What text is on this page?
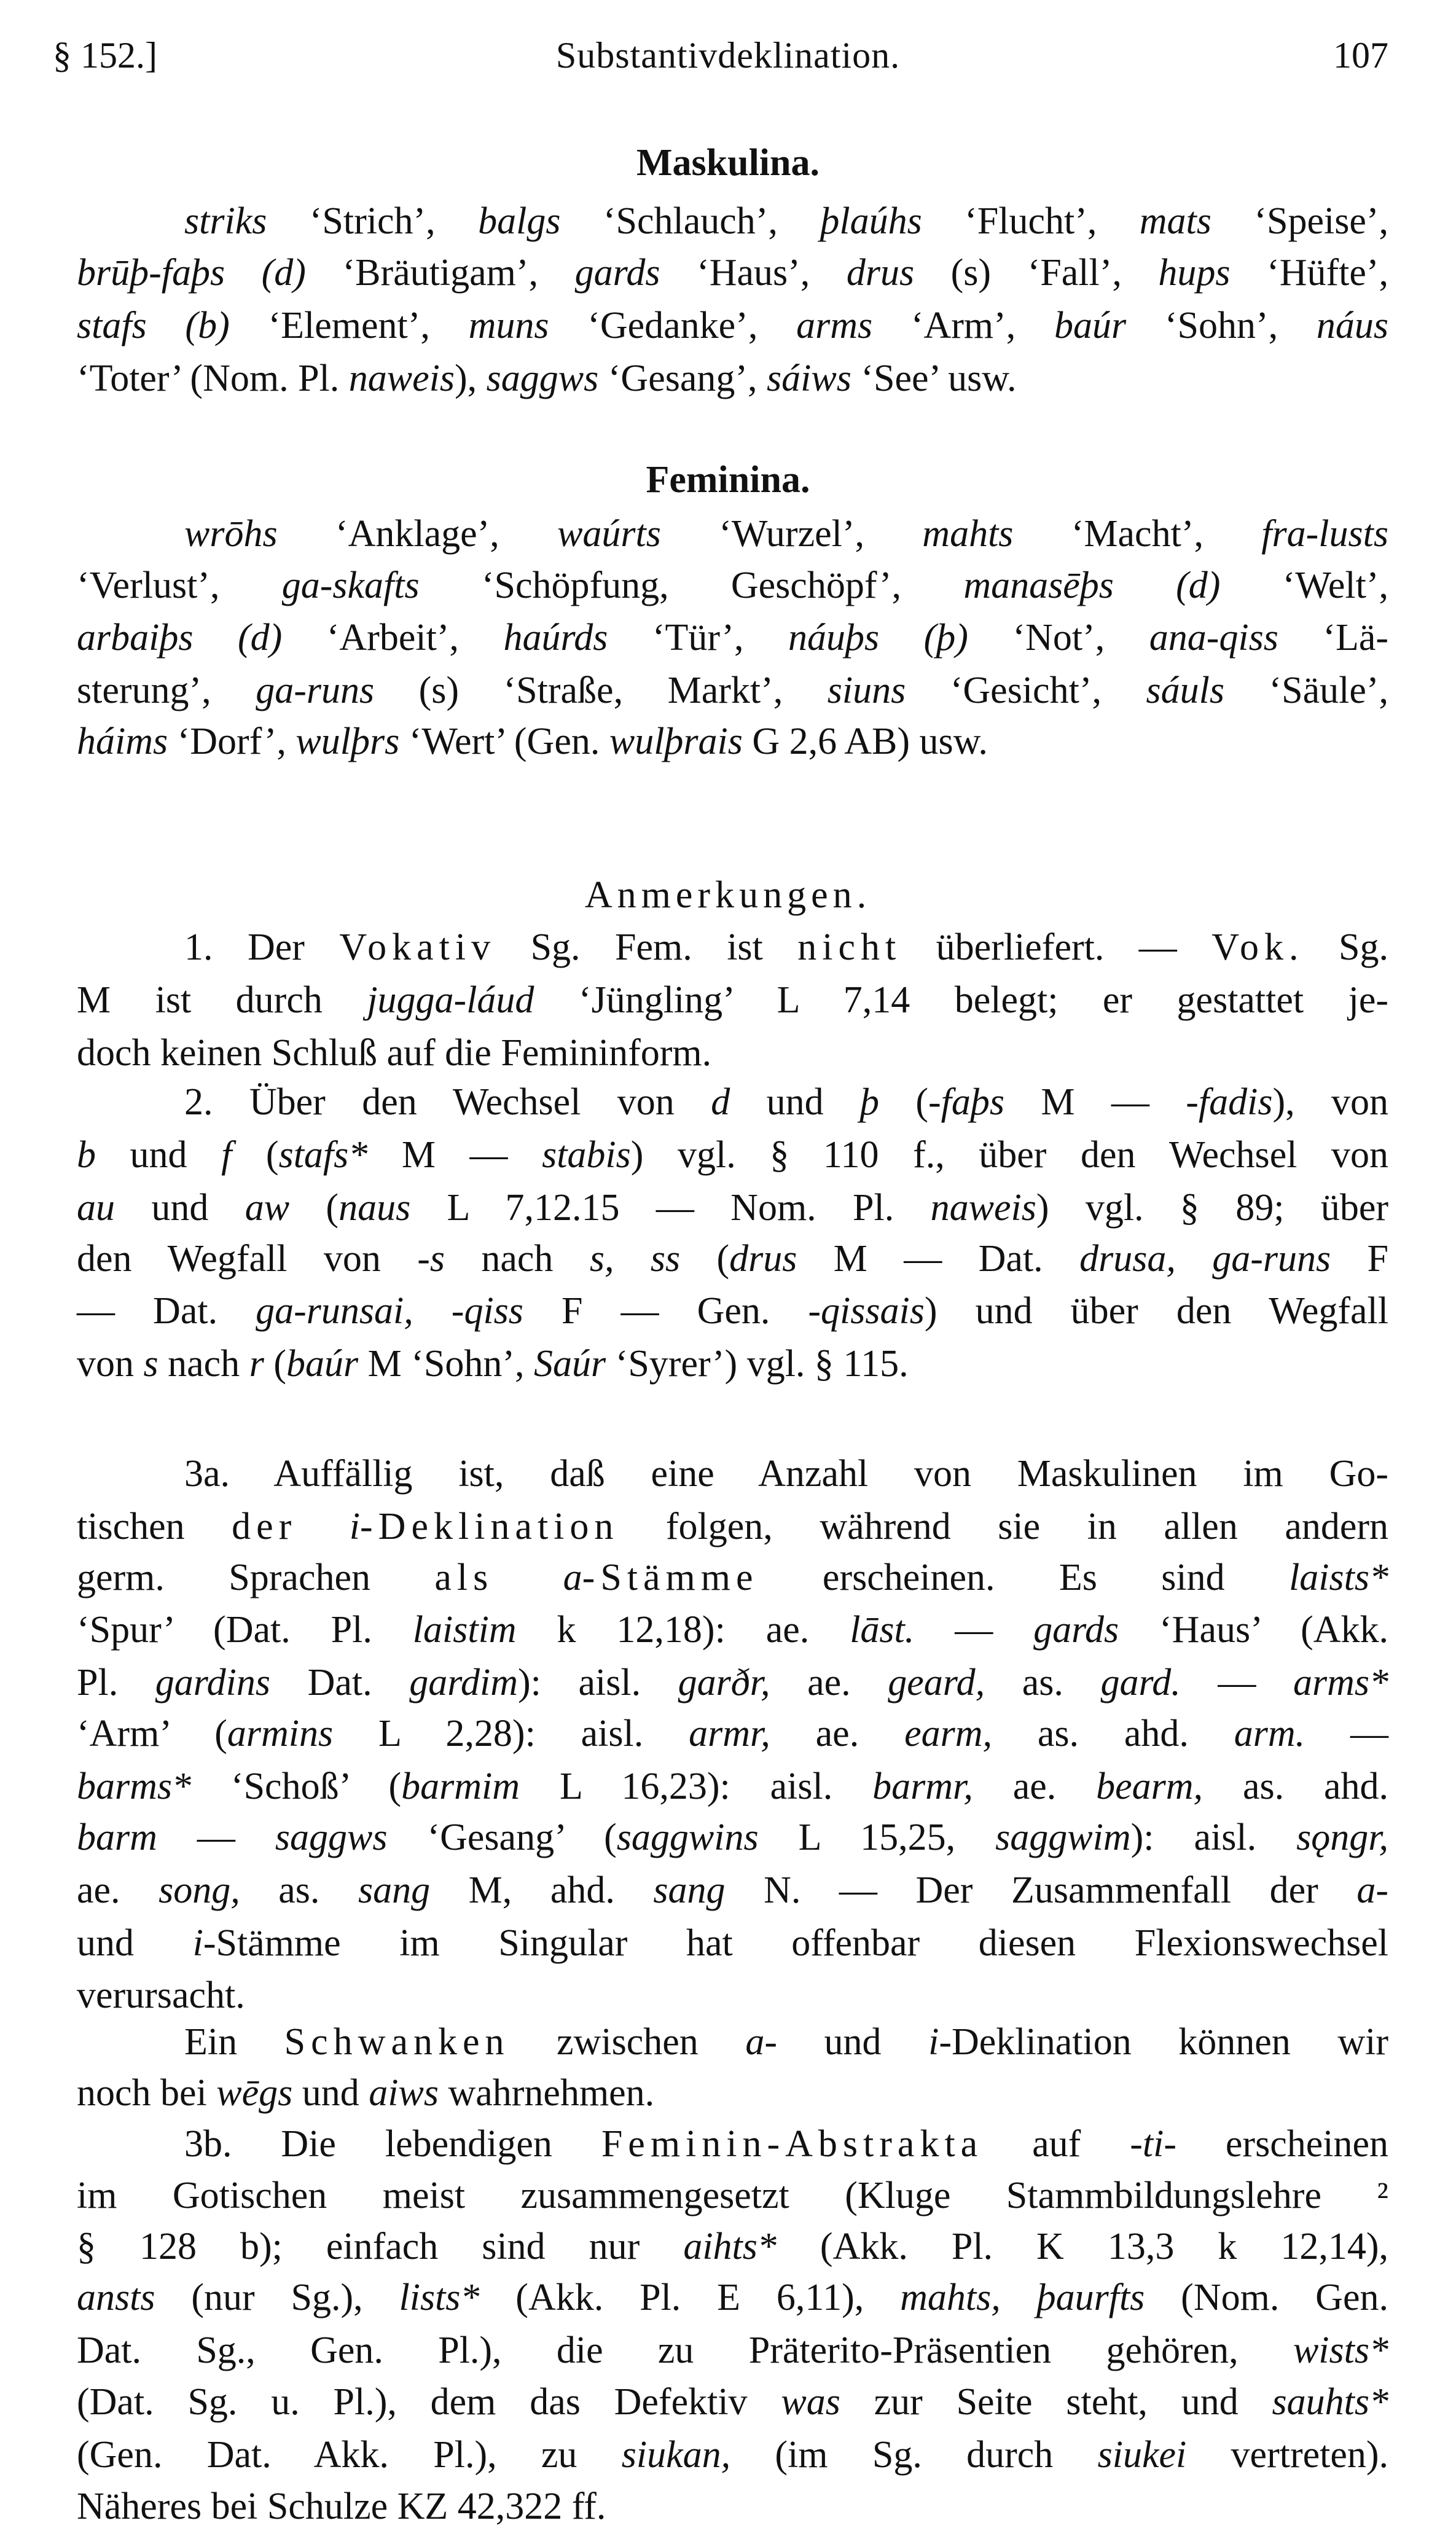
§ 152.]	Substantivdeklination.	107
Maskulina.
Feminina.
Anmerkungen.
striks ‘Strich’, balgs ‘Schlauch’, þlaúhs ‘Flucht’, mats ‘Speise’,
brūþ-faþs (d) ‘Bräutigam’, gards ‘Haus’, drus (s) ‘Fall’, hups ‘Hüfte’,
stafs (b) ‘Element’, muns ‘Gedanke’, arms ‘Arm’, baúr ‘Sohn’, náus
‘Toter’ (Nom. Pl. naweis), saggws ‘Gesang’, sáiws ‘See’ usw.
wrōhs ‘Anklage’, waúrts ‘Wurzel’, mahts ‘Macht’, fra-lusts
‘Verlust’, ga-skafts ‘Schöpfung, Geschöpf’, manasēþs (d) ‘Welt’,
arbaiþs (d) ‘Arbeit’, haúrds ‘Tür’, náuþs (þ) ‘Not’, ana-qiss ‘Lä-
sterung’, ga-runs (s) ‘Straße, Markt’, siuns ‘Gesicht’, sáuls ‘Säule’,
háims ‘Dorf’, wulþrs ‘Wert’ (Gen. wulþrais G 2,6 AB) usw.
1. Der Vokativ Sg. Fem. ist nicht überliefert. — Vok. Sg.
M ist durch jugga-láud ‘Jüngling’ L 7,14 belegt; er gestattet je-
doch keinen Schluß auf die Femininform.
2. Über den Wechsel von d und þ (-faþs M — -fadis), von
b und f (stafs* M — stabis) vgl. § 110 f., über den Wechsel von
au und aw (naus L 7,12.15 — Nom. Pl. naweis) vgl. § 89; über
den Wegfall von -s nach s, ss (drus M — Dat. drusa, ga-runs F
— Dat. ga-runsai, -qiss F — Gen. -qissais) und über den Wegfall
von s nach r (baúr M ‘Sohn’, Saúr ‘Syrer’) vgl. § 115.
3a. Auffällig ist, daß eine Anzahl von Maskulinen im Go-
tischen der i-Deklination folgen, während sie in allen andern
germ. Sprachen als a-Stämme erscheinen. Es sind laists*
‘Spur’ (Dat. Pl. laistim k 12,18): ae. lāst. — gards ‘Haus’ (Akk.
Pl. gardins Dat. gardim): aisl. garðr, ae. geard, as. gard. — arms*
‘Arm’ (armins L 2,28): aisl. armr, ae. earm, as. ahd. arm. —
barms* ‘Schoß’ (barmim L 16,23): aisl. barmr, ae. bearm, as. ahd.
barm — saggws ‘Gesang’ (saggwins L 15,25, saggwim): aisl. sǫngr,
ae. song, as. sang M, ahd. sang N. — Der Zusammenfall der a-
und i-Stämme im Singular hat offenbar diesen Flexionswechsel
verursacht.
Ein Schwanken zwischen a- und i-Deklination können wir
noch bei wēgs und aiws wahrnehmen.
3b. Die lebendigen Feminin-Abstrakta auf -ti- erscheinen
im Gotischen meist zusammengesetzt (Kluge Stammbildungslehre ²
§ 128 b); einfach sind nur aihts* (Akk. Pl. K 13,3 k 12,14),
ansts (nur Sg.), lists* (Akk. Pl. E 6,11), mahts, þaurfts (Nom. Gen.
Dat. Sg., Gen. Pl.), die zu Präterito-Präsentien gehören, wists*
(Dat. Sg. u. Pl.), dem das Defektiv was zur Seite steht, und sauhts*
(Gen. Dat. Akk. Pl.), zu siukan, (im Sg. durch siukei vertreten).
Näheres bei Schulze KZ 42,322 ff.
